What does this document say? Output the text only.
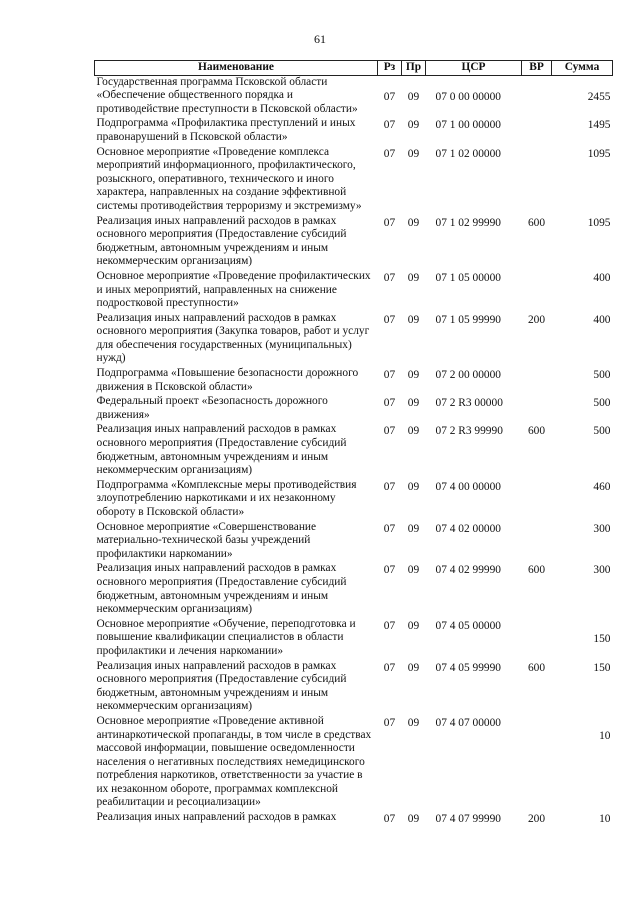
61
Наименование	Рз	Пр	ЦСР	ВР	Сумма
Государственная программа Псковской области «Обеспечение общественного порядка и противодействие преступности в Псковской области»	07	09	07 0 00 00000		2455
Подпрограмма «Профилактика преступлений и иных правонарушений в Псковской области»	07	09	07 1 00 00000		1495
Основное мероприятие «Проведение комплекса мероприятий информационного, профилактического, розыскного, оперативного, технического и иного характера, направленных на создание эффективной системы противодействия терроризму и экстремизму»	07	09	07 1 02 00000		1095
Реализация иных направлений расходов в рамках основного мероприятия (Предоставление субсидий бюджетным, автономным учреждениям и иным некоммерческим организациям)	07	09	07 1 02 99990	600	1095
Основное мероприятие «Проведение профилактических и иных мероприятий, направленных на снижение подростковой преступности»	07	09	07 1 05 00000		400
Реализация иных направлений расходов в рамках основного мероприятия (Закупка товаров, работ и услуг для обеспечения государственных (муниципальных) нужд)	07	09	07 1 05 99990	200	400
Подпрограмма «Повышение безопасности дорожного движения в Псковской области»	07	09	07 2 00 00000		500
Федеральный проект «Безопасность дорожного движения»	07	09	07 2 R3 00000		500
Реализация иных направлений расходов в рамках основного мероприятия (Предоставление субсидий бюджетным, автономным учреждениям и иным некоммерческим организациям)	07	09	07 2 R3 99990	600	500
Подпрограмма «Комплексные меры противодействия злоупотреблению наркотиками и их незаконному обороту в Псковской области»	07	09	07 4 00 00000		460
Основное мероприятие «Совершенствование материально-технической базы учреждений профилактики наркомании»	07	09	07 4 02 00000		300
Реализация иных направлений расходов в рамках основного мероприятия (Предоставление субсидий бюджетным, автономным учреждениям и иным некоммерческим организациям)	07	09	07 4 02 99990	600	300
Основное мероприятие «Обучение, переподготовка и повышение квалификации специалистов в области профилактики и лечения наркомании»	07	09	07 4 05 00000		150
Реализация иных направлений расходов в рамках основного мероприятия (Предоставление субсидий бюджетным, автономным учреждениям и иным некоммерческим организациям)	07	09	07 4 05 99990	600	150
Основное мероприятие «Проведение активной антинаркотической пропаганды, в том числе в средствах массовой информации, повышение осведомленности населения о негативных последствиях немедицинского потребления наркотиков, ответственности за участие в их незаконном обороте, программах комплексной реабилитации и ресоциализации»	07	09	07 4 07 00000		10
Реализация иных направлений расходов в рамках	07	09	07 4 07 99990	200	10
